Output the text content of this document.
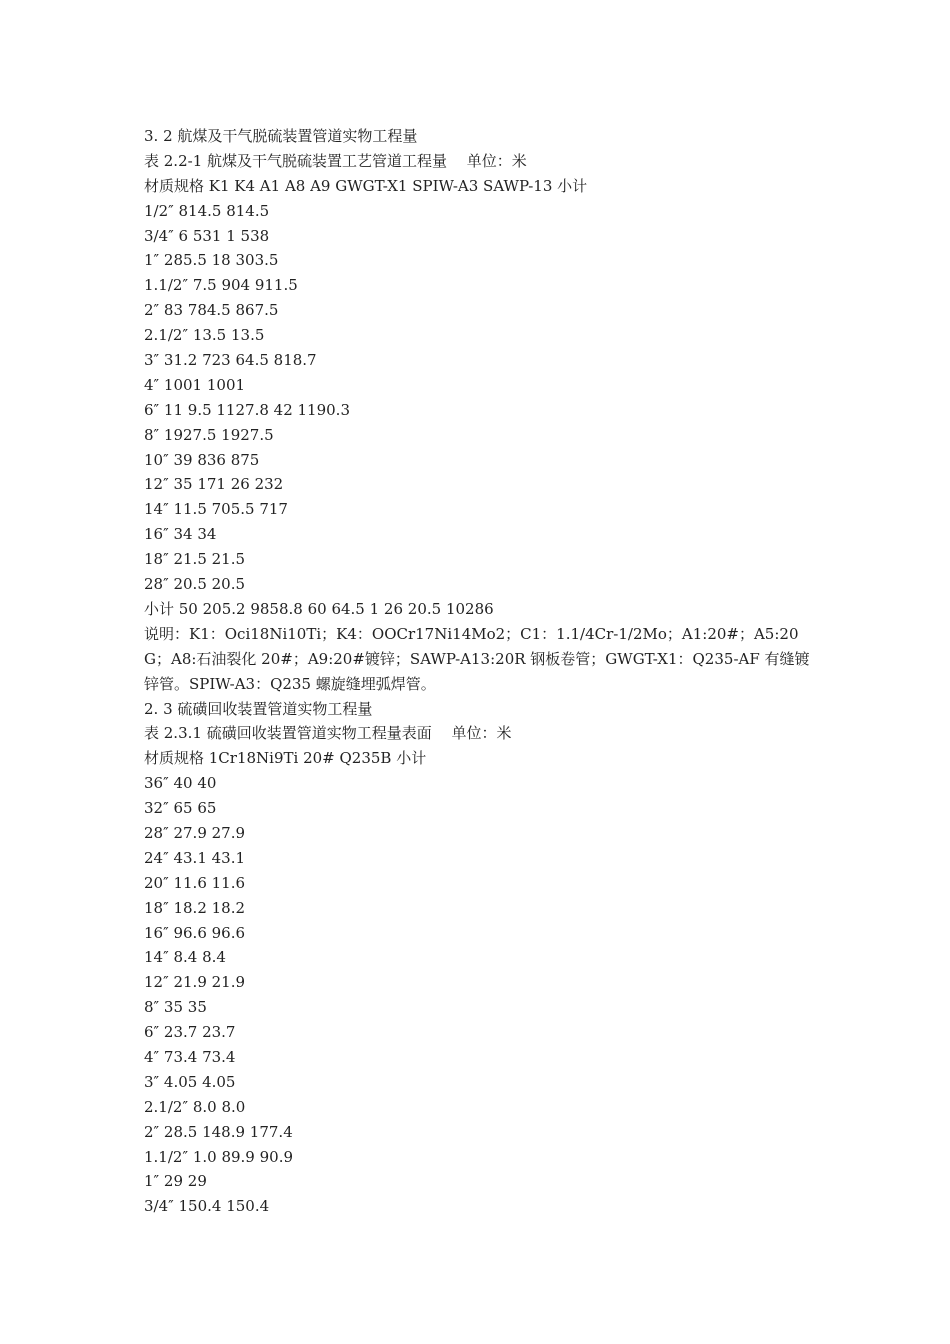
3. 2 航煤及干气脱硫装置管道实物工程量
表 2.2-1 航煤及干气脱硫装置工艺管道工程量　 单位：米
材质规格 K1 K4 A1 A8 A9 GWGT-X1 SPIW-A3 SAWP-13 小计
1/2″ 814.5 814.5
3/4″ 6 531 1 538
1″ 285.5 18 303.5
1.1/2″ 7.5 904 911.5
2″ 83 784.5 867.5
2.1/2″ 13.5 13.5
3″ 31.2 723 64.5 818.7
4″ 1001 1001
6″ 11 9.5 1127.8 42 1190.3
8″ 1927.5 1927.5
10″ 39 836 875
12″ 35 171 26 232
14″ 11.5 705.5 717
16″ 34 34
18″ 21.5 21.5
28″ 20.5 20.5
小计 50 205.2 9858.8 60 64.5 1 26 20.5 10286
说明：K1：Oci18Ni10Ti；K4：OOCr17Ni14Mo2；C1：1.1/4Cr-1/2Mo；A1:20#；A5:20G；A8:石油裂化 20#；A9:20#镀锌；SAWP-A13:20R 钢板卷管；GWGT-X1：Q235-AF 有缝镀锌管。SPIW-A3：Q235 螺旋缝埋弧焊管。
2. 3 硫磺回收装置管道实物工程量
表 2.3.1 硫磺回收装置管道实物工程量表面　 单位：米
材质规格 1Cr18Ni9Ti 20# Q235B 小计
36″ 40 40
32″ 65 65
28″ 27.9 27.9
24″ 43.1 43.1
20″ 11.6 11.6
18″ 18.2 18.2
16″ 96.6 96.6
14″ 8.4 8.4
12″ 21.9 21.9
8″ 35 35
6″ 23.7 23.7
4″ 73.4 73.4
3″ 4.05 4.05
2.1/2″ 8.0 8.0
2″ 28.5 148.9 177.4
1.1/2″ 1.0 89.9 90.9
1″ 29 29
3/4″ 150.4 150.4
